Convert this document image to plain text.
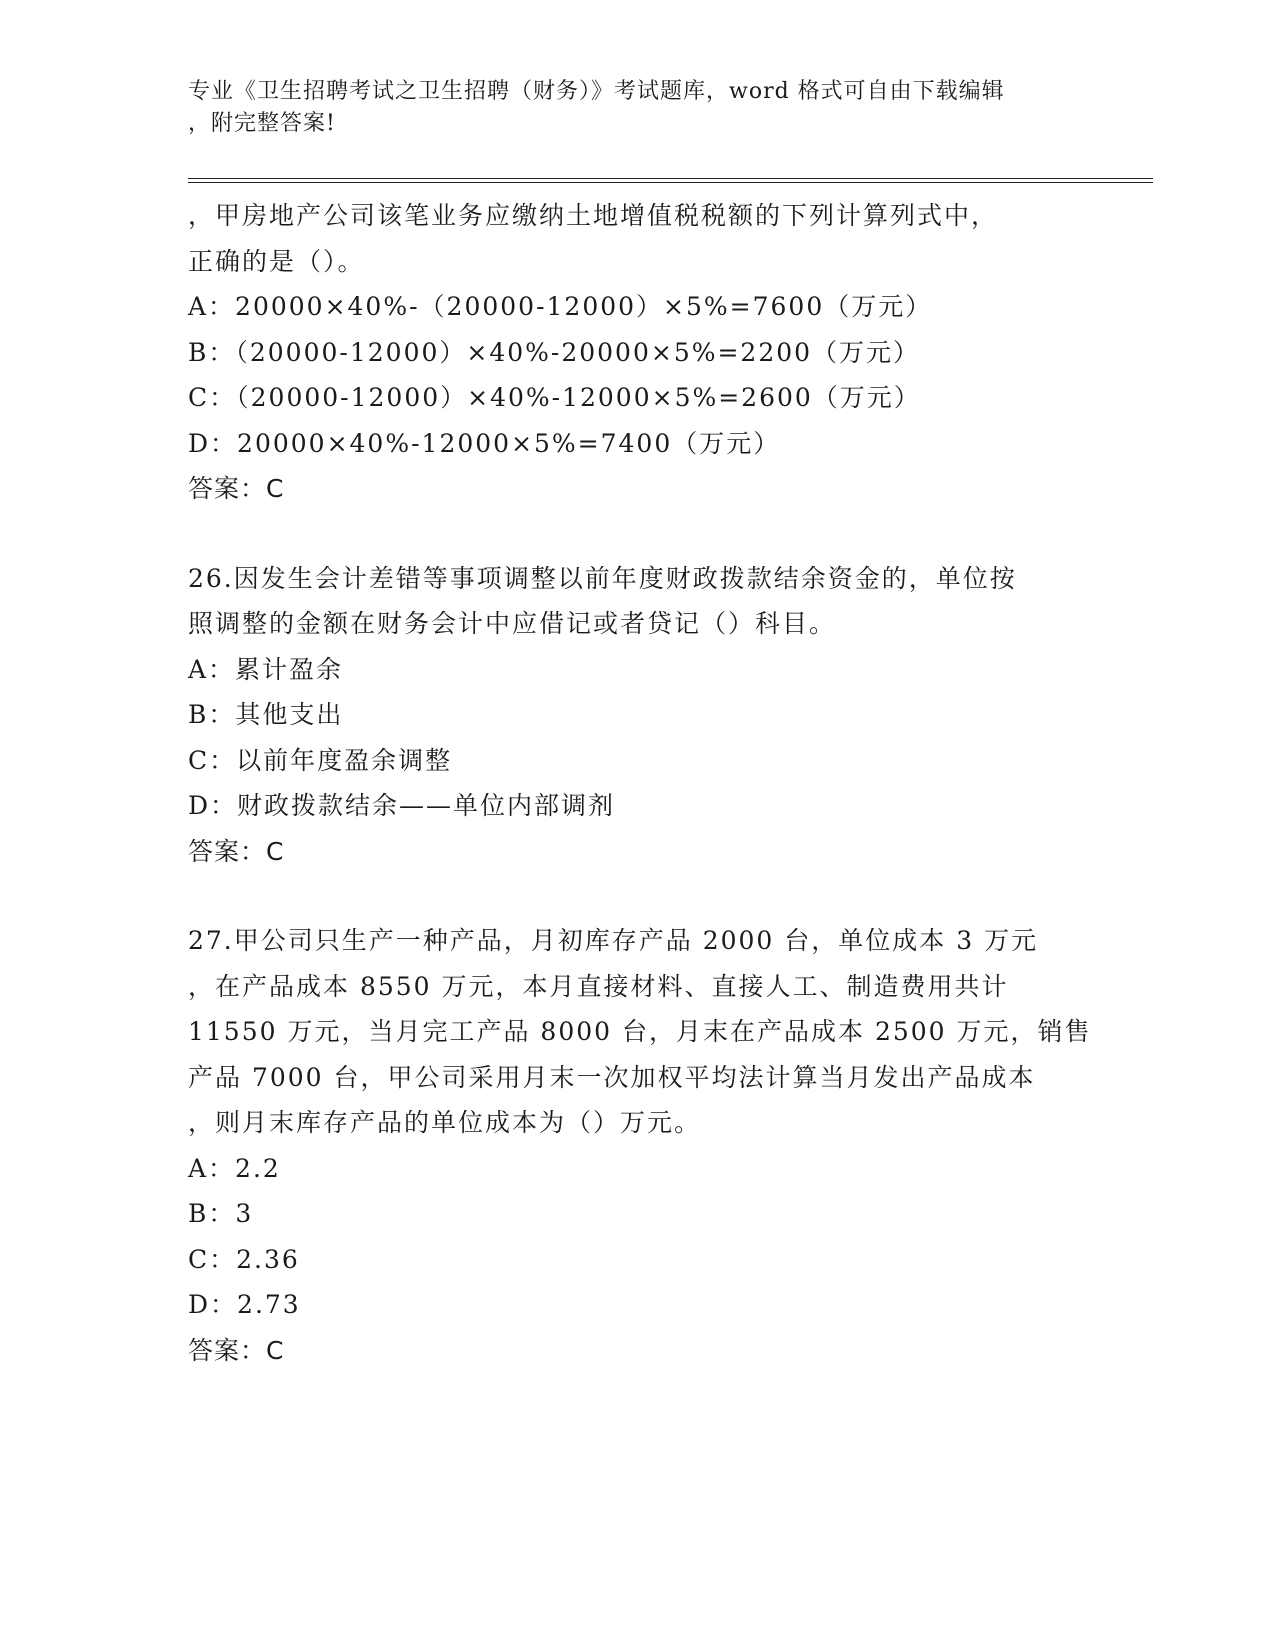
专业《卫生招聘考试之卫生招聘（财务）》考试题库，word 格式可自由下载编辑
，附完整答案!
，甲房地产公司该笔业务应缴纳土地增值税税额的下列计算列式中，
正确的是（）。
A：20000×40%-（20000-12000）×5%=7600（万元）
B：（20000-12000）×40%-20000×5%=2200（万元）
C：（20000-12000）×40%-12000×5%=2600（万元）
D：20000×40%-12000×5%=7400（万元）
答案：C
26.因发生会计差错等事项调整以前年度财政拨款结余资金的，单位按
照调整的金额在财务会计中应借记或者贷记（）科目。
A：累计盈余
B：其他支出
C：以前年度盈余调整
D：财政拨款结余——单位内部调剂
答案：C
27.甲公司只生产一种产品，月初库存产品 2000 台，单位成本 3 万元
，在产品成本 8550 万元，本月直接材料、直接人工、制造费用共计
11550 万元，当月完工产品 8000 台，月末在产品成本 2500 万元，销售
产品 7000 台，甲公司采用月末一次加权平均法计算当月发出产品成本
，则月末库存产品的单位成本为（）万元。
A：2.2
B：3
C：2.36
D：2.73
答案：C
